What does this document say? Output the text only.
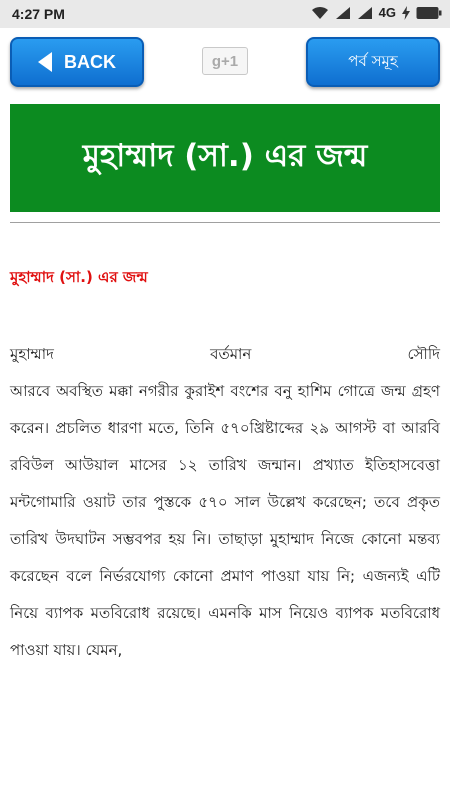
4:27 PM	4G
BACK	g+1	পর্ব সমূহ
মুহাম্মাদ (সা.) এর জন্ম
মুহাম্মাদ (সা.) এর জন্ম
মুহাম্মাদ	বর্তমান	সৌদি
আরবে অবস্থিত মক্কা নগরীর কুরাইশ বংশের বনু হাশিম গোত্রে জন্ম গ্রহণ করেন। প্রচলিত ধারণা মতে, তিনি ৫৭০খ্রিষ্টাব্দের ২৯ আগস্ট বা আরবি রবিউল আউয়াল মাসের ১২ তারিখ জন্মান। প্রখ্যাত ইতিহাসবেত্তা মন্টগোমারি ওয়াট তার পুস্তকে ৫৭০ সাল উল্লেখ করেছেন; তবে প্রকৃত তারিখ উদঘাটন সম্ভবপর হয় নি। তাছাড়া মুহাম্মাদ নিজে কোনো মন্তব্য করেছেন বলে নির্ভরযোগ্য কোনো প্রমাণ পাওয়া যায় নি; এজন্যই এটি নিয়ে ব্যাপক মতবিরোধ রয়েছে। এমনকি মাস নিয়েও ব্যাপক মতবিরোধ পাওয়া যায়। যেমন,
